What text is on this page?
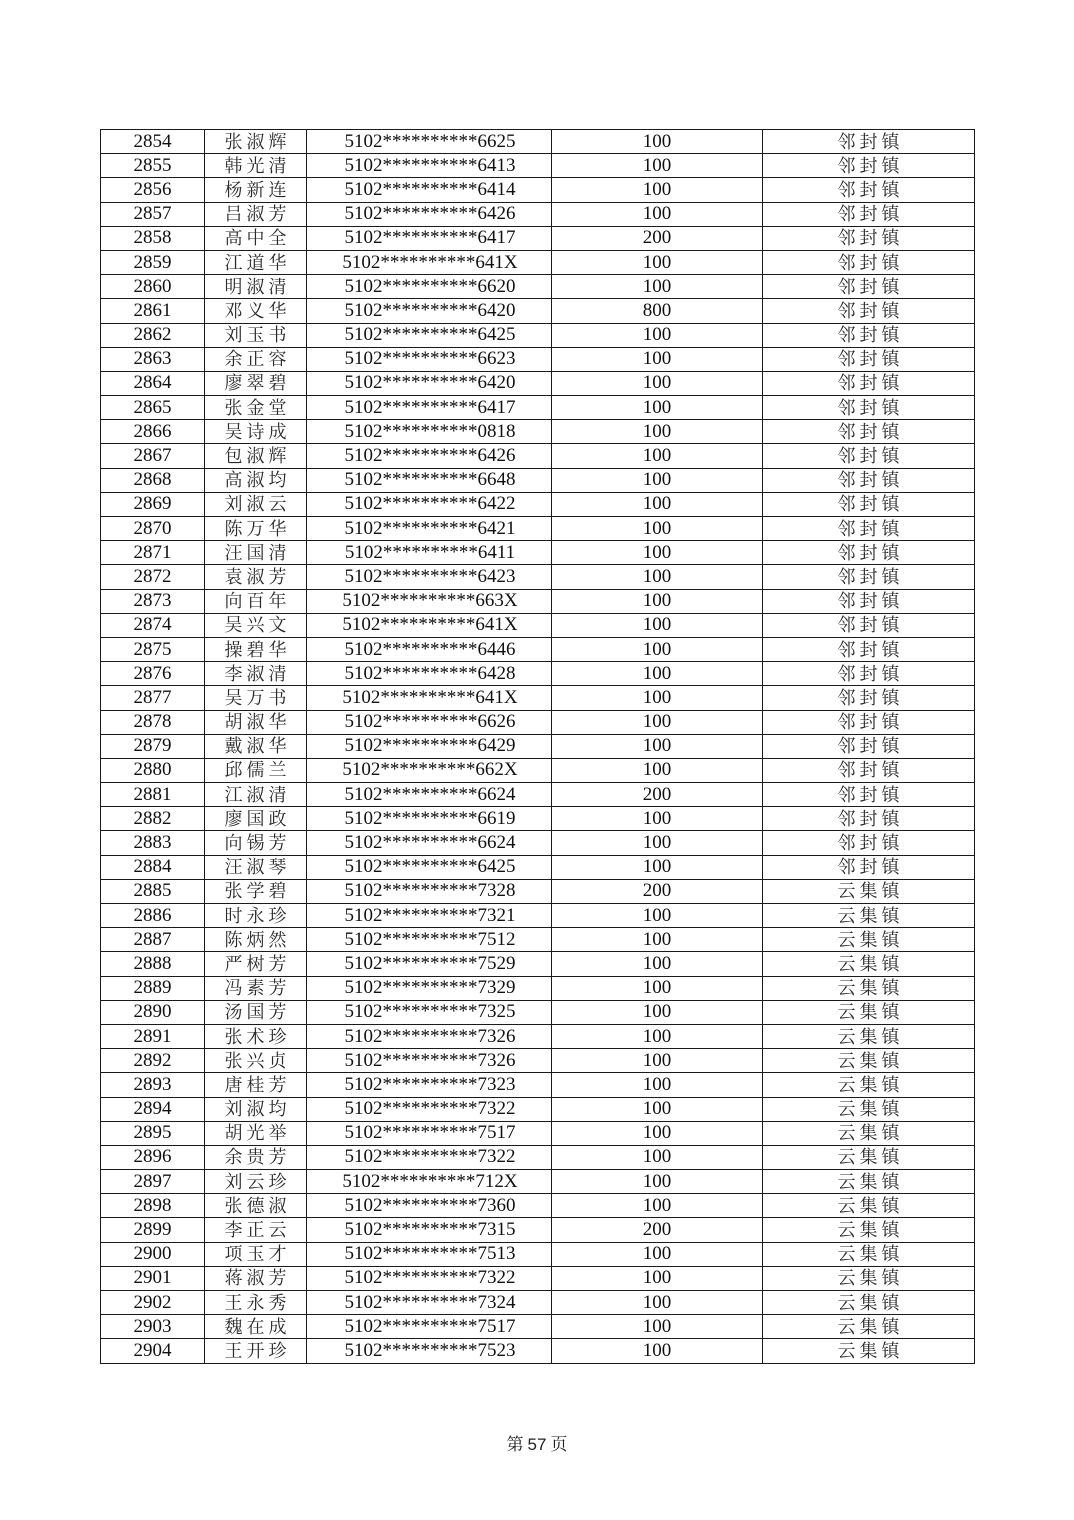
2854	张淑辉	5102**********6625	100	邻封镇
2855	韩光清	5102**********6413	100	邻封镇
2856	杨新连	5102**********6414	100	邻封镇
2857	吕淑芳	5102**********6426	100	邻封镇
2858	高中全	5102**********6417	200	邻封镇
2859	江道华	5102**********641X	100	邻封镇
2860	明淑清	5102**********6620	100	邻封镇
2861	邓义华	5102**********6420	800	邻封镇
2862	刘玉书	5102**********6425	100	邻封镇
2863	余正容	5102**********6623	100	邻封镇
2864	廖翠碧	5102**********6420	100	邻封镇
2865	张金堂	5102**********6417	100	邻封镇
2866	吴诗成	5102**********0818	100	邻封镇
2867	包淑辉	5102**********6426	100	邻封镇
2868	高淑均	5102**********6648	100	邻封镇
2869	刘淑云	5102**********6422	100	邻封镇
2870	陈万华	5102**********6421	100	邻封镇
2871	汪国清	5102**********6411	100	邻封镇
2872	袁淑芳	5102**********6423	100	邻封镇
2873	向百年	5102**********663X	100	邻封镇
2874	吴兴文	5102**********641X	100	邻封镇
2875	操碧华	5102**********6446	100	邻封镇
2876	李淑清	5102**********6428	100	邻封镇
2877	吴万书	5102**********641X	100	邻封镇
2878	胡淑华	5102**********6626	100	邻封镇
2879	戴淑华	5102**********6429	100	邻封镇
2880	邱儒兰	5102**********662X	100	邻封镇
2881	江淑清	5102**********6624	200	邻封镇
2882	廖国政	5102**********6619	100	邻封镇
2883	向锡芳	5102**********6624	100	邻封镇
2884	汪淑琴	5102**********6425	100	邻封镇
2885	张学碧	5102**********7328	200	云集镇
2886	时永珍	5102**********7321	100	云集镇
2887	陈炳然	5102**********7512	100	云集镇
2888	严树芳	5102**********7529	100	云集镇
2889	冯素芳	5102**********7329	100	云集镇
2890	汤国芳	5102**********7325	100	云集镇
2891	张术珍	5102**********7326	100	云集镇
2892	张兴贞	5102**********7326	100	云集镇
2893	唐桂芳	5102**********7323	100	云集镇
2894	刘淑均	5102**********7322	100	云集镇
2895	胡光举	5102**********7517	100	云集镇
2896	余贵芳	5102**********7322	100	云集镇
2897	刘云珍	5102**********712X	100	云集镇
2898	张德淑	5102**********7360	100	云集镇
2899	李正云	5102**********7315	200	云集镇
2900	项玉才	5102**********7513	100	云集镇
2901	蒋淑芳	5102**********7322	100	云集镇
2902	王永秀	5102**********7324	100	云集镇
2903	魏在成	5102**********7517	100	云集镇
2904	王开珍	5102**********7523	100	云集镇
第 57 页
